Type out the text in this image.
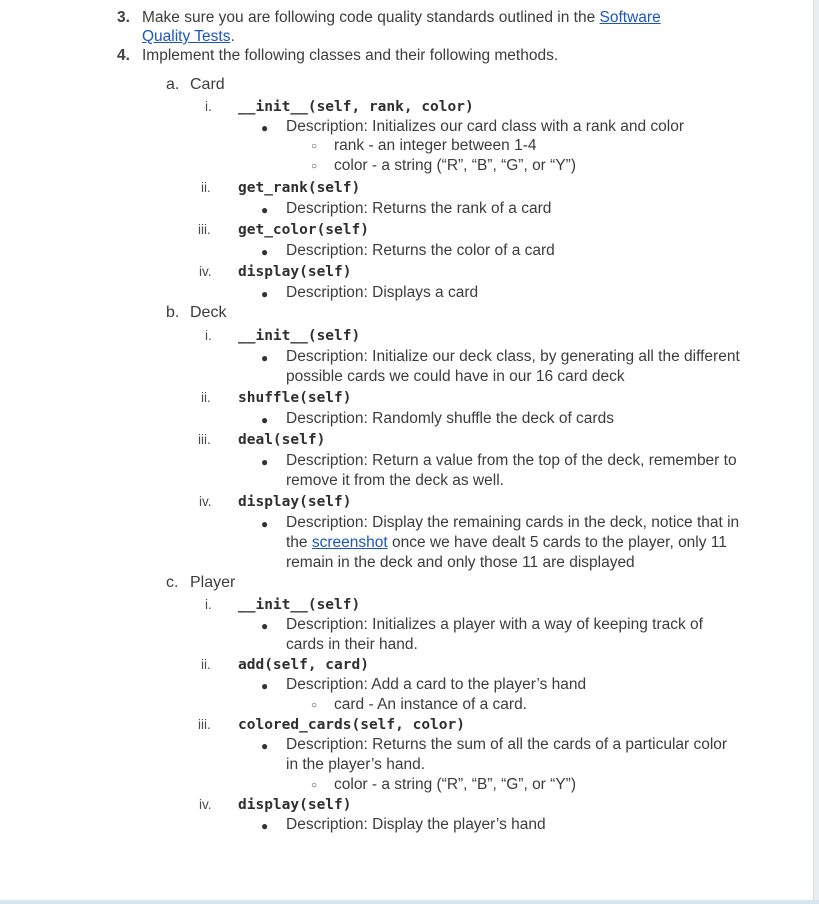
3. Make sure you are following code quality standards outlined in the Software
Quality Tests.
4. Implement the following classes and their following methods.
a. Card
i. __init__(self, rank, color)
● Description: Initializes our card class with a rank and color
○ rank - an integer between 1-4
○ color - a string (“R”, “B”, “G”, or “Y”)
ii. get_rank(self)
● Description: Returns the rank of a card
iii. get_color(self)
● Description: Returns the color of a card
iv. display(self)
● Description: Displays a card
b. Deck
i. __init__(self)
● Description: Initialize our deck class, by generating all the different
possible cards we could have in our 16 card deck
ii. shuffle(self)
● Description: Randomly shuffle the deck of cards
iii. deal(self)
● Description: Return a value from the top of the deck, remember to
remove it from the deck as well.
iv. display(self)
● Description: Display the remaining cards in the deck, notice that in
the screenshot once we have dealt 5 cards to the player, only 11
remain in the deck and only those 11 are displayed
c. Player
i. __init__(self)
● Description: Initializes a player with a way of keeping track of
cards in their hand.
ii. add(self, card)
● Description: Add a card to the player’s hand
○ card - An instance of a card.
iii. colored_cards(self, color)
● Description: Returns the sum of all the cards of a particular color
in the player’s hand.
○ color - a string (“R”, “B”, “G”, or “Y”)
iv. display(self)
● Description: Display the player’s hand
